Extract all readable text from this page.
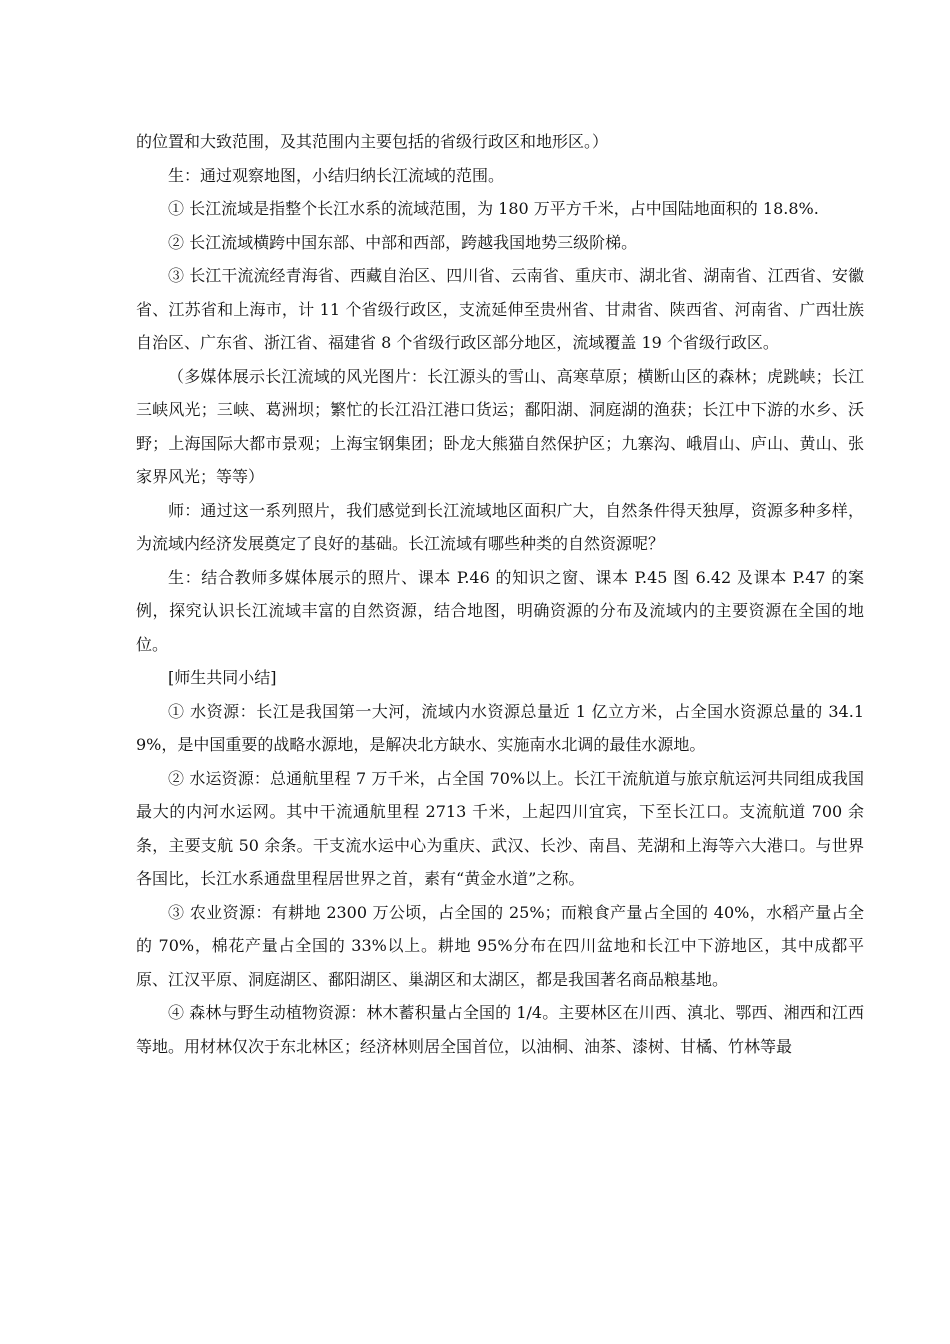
的位置和大致范围，及其范围内主要包括的省级行政区和地形区。）

生：通过观察地图，小结归纳长江流域的范围。

① 长江流域是指整个长江水系的流域范围，为 180 万平方千米，占中国陆地面积的 18.8%.

② 长江流域横跨中国东部、中部和西部，跨越我国地势三级阶梯。

③ 长江干流流经青海省、西藏自治区、四川省、云南省、重庆市、湖北省、湖南省、江西省、安徽省、江苏省和上海市，计 11 个省级行政区，支流延伸至贵州省、甘肃省、陕西省、河南省、广西壮族自治区、广东省、浙江省、福建省 8 个省级行政区部分地区，流域覆盖 19 个省级行政区。

（多媒体展示长江流域的风光图片：长江源头的雪山、高寒草原；横断山区的森林；虎跳峡；长江三峡风光；三峡、葛洲坝；繁忙的长江沿江港口货运；鄱阳湖、洞庭湖的渔获；长江中下游的水乡、沃野；上海国际大都市景观；上海宝钢集团；卧龙大熊猫自然保护区；九寨沟、峨眉山、庐山、黄山、张家界风光；等等）

师：通过这一系列照片，我们感觉到长江流域地区面积广大，自然条件得天独厚，资源多种多样，为流域内经济发展奠定了良好的基础。长江流域有哪些种类的自然资源呢？

生：结合教师多媒体展示的照片、课本 P.46 的知识之窗、课本 P.45 图 6.42 及课本 P.47 的案例，探究认识长江流域丰富的自然资源，结合地图，明确资源的分布及流域内的主要资源在全国的地位。

[师生共同小结]

① 水资源：长江是我国第一大河，流域内水资源总量近 1 亿立方米，占全国水资源总量的 34.19%，是中国重要的战略水源地，是解决北方缺水、实施南水北调的最佳水源地。

② 水运资源：总通航里程 7 万千米，占全国 70%以上。长江干流航道与旅京航运河共同组成我国最大的内河水运网。其中干流通航里程 2713 千米，上起四川宜宾，下至长江口。支流航道 700 余条，主要支航 50 余条。干支流水运中心为重庆、武汉、长沙、南昌、芜湖和上海等六大港口。与世界各国比，长江水系通盘里程居世界之首，素有“黄金水道”之称。

③ 农业资源：有耕地 2300 万公顷，占全国的 25%；而粮食产量占全国的 40%，水稻产量占全的 70%，棉花产量占全国的 33%以上。耕地 95%分布在四川盆地和长江中下游地区，其中成都平原、江汉平原、洞庭湖区、鄱阳湖区、巢湖区和太湖区，都是我国著名商品粮基地。

④ 森林与野生动植物资源：林木蓄积量占全国的 1/4。主要林区在川西、滇北、鄂西、湘西和江西等地。用材林仅次于东北林区；经济林则居全国首位，以油桐、油茶、漆树、甘橘、竹林等最
